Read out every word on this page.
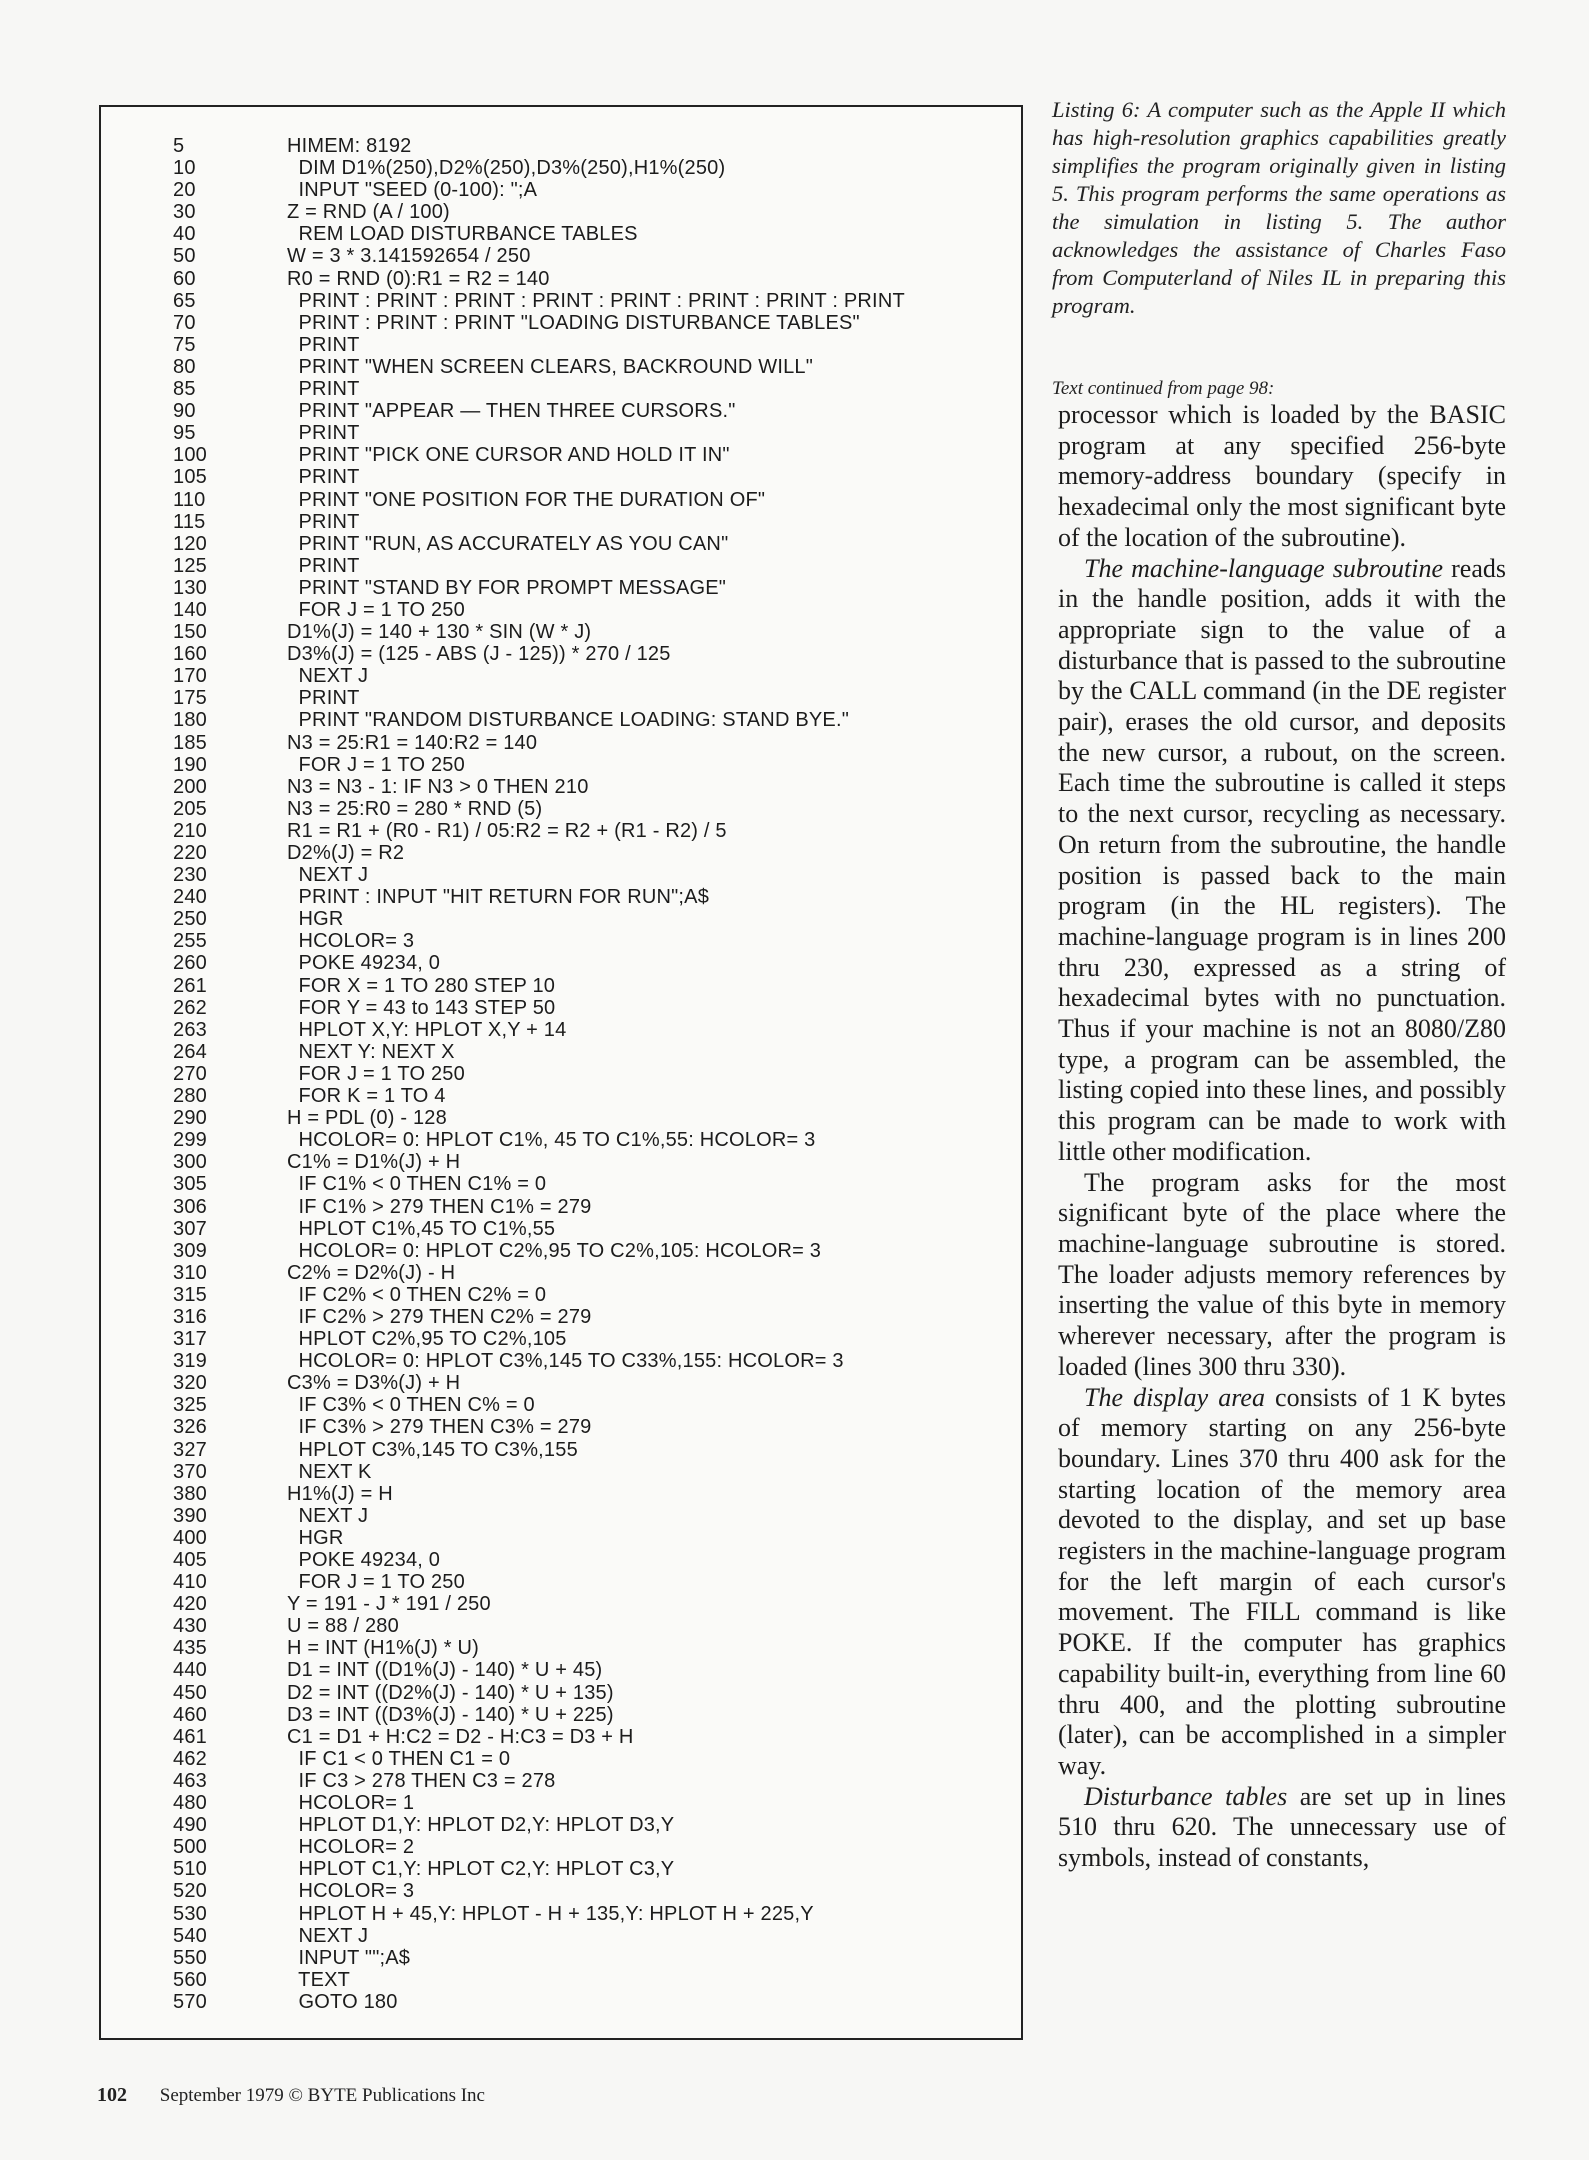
5	HIMEM: 8192
10	DIM D1%(250),D2%(250),D3%(250),H1%(250)
20	INPUT "SEED (0-100): ";A
30	Z = RND (A / 100)
40	REM LOAD DISTURBANCE TABLES
50	W = 3 * 3.141592654 / 250
60	R0 = RND (0):R1 = R2 = 140
65	PRINT : PRINT : PRINT : PRINT : PRINT : PRINT : PRINT : PRINT
70	PRINT : PRINT : PRINT "LOADING DISTURBANCE TABLES"
75	PRINT
80	PRINT "WHEN SCREEN CLEARS, BACKROUND WILL"
85	PRINT
90	PRINT "APPEAR — THEN THREE CURSORS."
95	PRINT
100	PRINT "PICK ONE CURSOR AND HOLD IT IN"
105	PRINT
110	PRINT "ONE POSITION FOR THE DURATION OF"
115	PRINT
120	PRINT "RUN, AS ACCURATELY AS YOU CAN"
125	PRINT
130	PRINT "STAND BY FOR PROMPT MESSAGE"
140	FOR J = 1 TO 250
150	D1%(J) = 140 + 130 * SIN (W * J)
160	D3%(J) = (125 - ABS (J - 125)) * 270 / 125
170	NEXT J
175	PRINT
180	PRINT "RANDOM DISTURBANCE LOADING: STAND BYE."
185	N3 = 25:R1 = 140:R2 = 140
190	FOR J = 1 TO 250
200	N3 = N3 - 1: IF N3 > 0 THEN 210
205	N3 = 25:R0 = 280 * RND (5)
210	R1 = R1 + (R0 - R1) / 05:R2 = R2 + (R1 - R2) / 5
220	D2%(J) = R2
230	NEXT J
240	PRINT : INPUT "HIT RETURN FOR RUN";A$
250	HGR
255	HCOLOR= 3
260	POKE 49234, 0
261	FOR X = 1 TO 280 STEP 10
262	FOR Y = 43 to 143 STEP 50
263	HPLOT X,Y: HPLOT X,Y + 14
264	NEXT Y: NEXT X
270	FOR J = 1 TO 250
280	FOR K = 1 TO 4
290	H = PDL (0) - 128
299	HCOLOR= 0: HPLOT C1%, 45 TO C1%,55: HCOLOR= 3
300	C1% = D1%(J) + H
305	IF C1% < 0 THEN C1% = 0
306	IF C1% > 279 THEN C1% = 279
307	HPLOT C1%,45 TO C1%,55
309	HCOLOR= 0: HPLOT C2%,95 TO C2%,105: HCOLOR= 3
310	C2% = D2%(J) - H
315	IF C2% < 0 THEN C2% = 0
316	IF C2% > 279 THEN C2% = 279
317	HPLOT C2%,95 TO C2%,105
319	HCOLOR= 0: HPLOT C3%,145 TO C33%,155: HCOLOR= 3
320	C3% = D3%(J) + H
325	IF C3% < 0 THEN C% = 0
326	IF C3% > 279 THEN C3% = 279
327	HPLOT C3%,145 TO C3%,155
370	NEXT K
380	H1%(J) = H
390	NEXT J
400	HGR
405	POKE 49234, 0
410	FOR J = 1 TO 250
420	Y = 191 - J * 191 / 250
430	U = 88 / 280
435	H = INT (H1%(J) * U)
440	D1 = INT ((D1%(J) - 140) * U + 45)
450	D2 = INT ((D2%(J) - 140) * U + 135)
460	D3 = INT ((D3%(J) - 140) * U + 225)
461	C1 = D1 + H:C2 = D2 - H:C3 = D3 + H
462	IF C1 < 0 THEN C1 = 0
463	IF C3 > 278 THEN C3 = 278
480	HCOLOR= 1
490	HPLOT D1,Y: HPLOT D2,Y: HPLOT D3,Y
500	HCOLOR= 2
510	HPLOT C1,Y: HPLOT C2,Y: HPLOT C3,Y
520	HCOLOR= 3
530	HPLOT H + 45,Y: HPLOT - H + 135,Y: HPLOT H + 225,Y
540	NEXT J
550	INPUT "";A$
560	TEXT
570	GOTO 180
Listing 6: A computer such as the Apple II which has high-resolution graphics capabilities greatly simplifies the program originally given in listing 5. This program performs the same operations as the simulation in listing 5. The author acknowledges the assistance of Charles Faso from Computerland of Niles IL in preparing this program.
Text continued from page 98:

processor which is loaded by the BASIC program at any specified 256-byte memory-address boundary (specify in hexadecimal only the most significant byte of the location of the subroutine).

The machine-language subroutine reads in the handle position, adds it with the appropriate sign to the value of a disturbance that is passed to the subroutine by the CALL command (in the DE register pair), erases the old cursor, and deposits the new cursor, a rubout, on the screen. Each time the subroutine is called it steps to the next cursor, recycling as necessary. On return from the subroutine, the handle position is passed back to the main program (in the HL registers). The machine-language program is in lines 200 thru 230, expressed as a string of hexadecimal bytes with no punctuation. Thus if your machine is not an 8080/Z80 type, a program can be assembled, the listing copied into these lines, and possibly this program can be made to work with little other modification.

The program asks for the most significant byte of the place where the machine-language subroutine is stored. The loader adjusts memory references by inserting the value of this byte in memory wherever necessary, after the program is loaded (lines 300 thru 330).

The display area consists of 1 K bytes of memory starting on any 256-byte boundary. Lines 370 thru 400 ask for the starting location of the memory area devoted to the display, and set up base registers in the machine-language program for the left margin of each cursor's movement. The FILL command is like POKE. If the computer has graphics capability built-in, everything from line 60 thru 400, and the plotting subroutine (later), can be accomplished in a simpler way.

Disturbance tables are set up in lines 510 thru 620. The unnecessary use of symbols, instead of constants,

102 September 1979 © BYTE Publications Inc
